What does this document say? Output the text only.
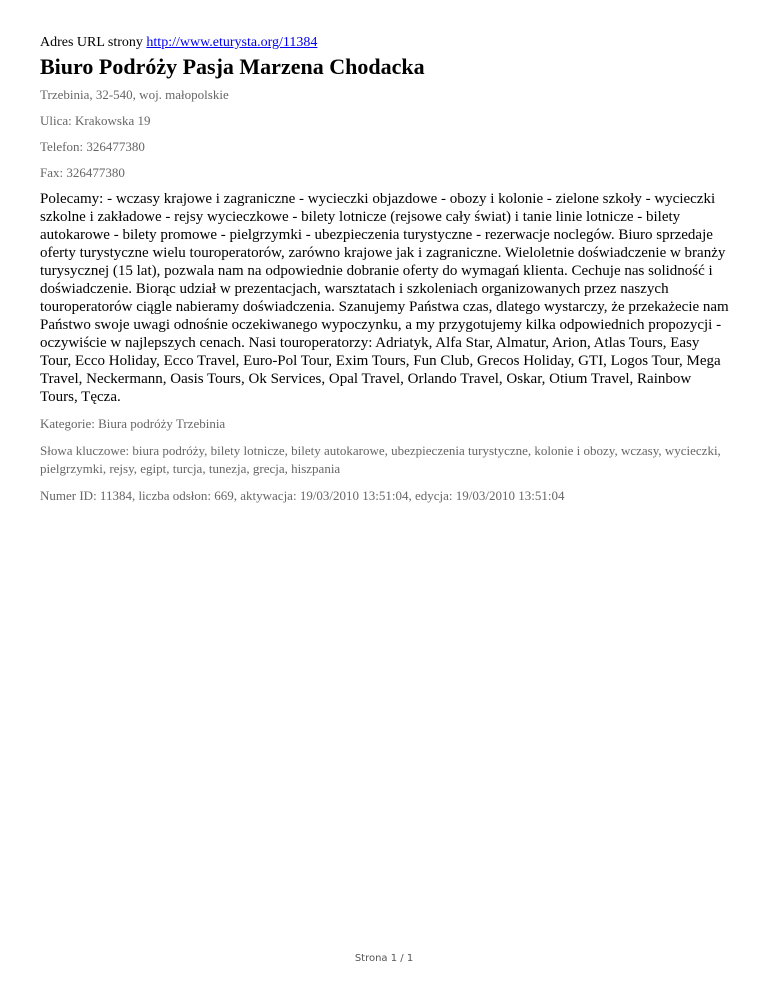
Adres URL strony http://www.eturysta.org/11384

Biuro Podróży Pasja Marzena Chodacka

Trzebinia, 32-540, woj. małopolskie

Ulica: Krakowska 19

Telefon: 326477380

Fax: 326477380

Polecamy: - wczasy krajowe i zagraniczne - wycieczki objazdowe - obozy i kolonie - zielone szkoły - wycieczki szkolne i zakładowe - rejsy wycieczkowe - bilety lotnicze (rejsowe cały świat) i tanie linie lotnicze - bilety autokarowe - bilety promowe - pielgrzymki - ubezpieczenia turystyczne - rezerwacje noclegów. Biuro sprzedaje oferty turystyczne wielu touroperatorów, zarówno krajowe jak i zagraniczne. Wieloletnie doświadczenie w branży turysycznej (15 lat), pozwala nam na odpowiednie dobranie oferty do wymagań klienta. Cechuje nas solidność i doświadczenie. Biorąc udział w prezentacjach, warsztatach i szkoleniach organizowanych przez naszych touroperatorów ciągle nabieramy doświadczenia. Szanujemy Państwa czas, dlatego wystarczy, że przekażecie nam Państwo swoje uwagi odnośnie oczekiwanego wypoczynku, a my przygotujemy kilka odpowiednich propozycji - oczywiście w najlepszych cenach. Nasi touroperatorzy: Adriatyk, Alfa Star, Almatur, Arion, Atlas Tours, Easy Tour, Ecco Holiday, Ecco Travel, Euro-Pol Tour, Exim Tours, Fun Club, Grecos Holiday, GTI, Logos Tour, Mega Travel, Neckermann, Oasis Tours, Ok Services, Opal Travel, Orlando Travel, Oskar, Otium Travel, Rainbow Tours, Tęcza.

Kategorie: Biura podróży Trzebinia

Słowa kluczowe: biura podróży, bilety lotnicze, bilety autokarowe, ubezpieczenia turystyczne, kolonie i obozy, wczasy, wycieczki, pielgrzymki, rejsy, egipt, turcja, tunezja, grecja, hiszpania

Numer ID: 11384, liczba odsłon: 669, aktywacja: 19/03/2010 13:51:04, edycja: 19/03/2010 13:51:04

Strona 1 / 1
